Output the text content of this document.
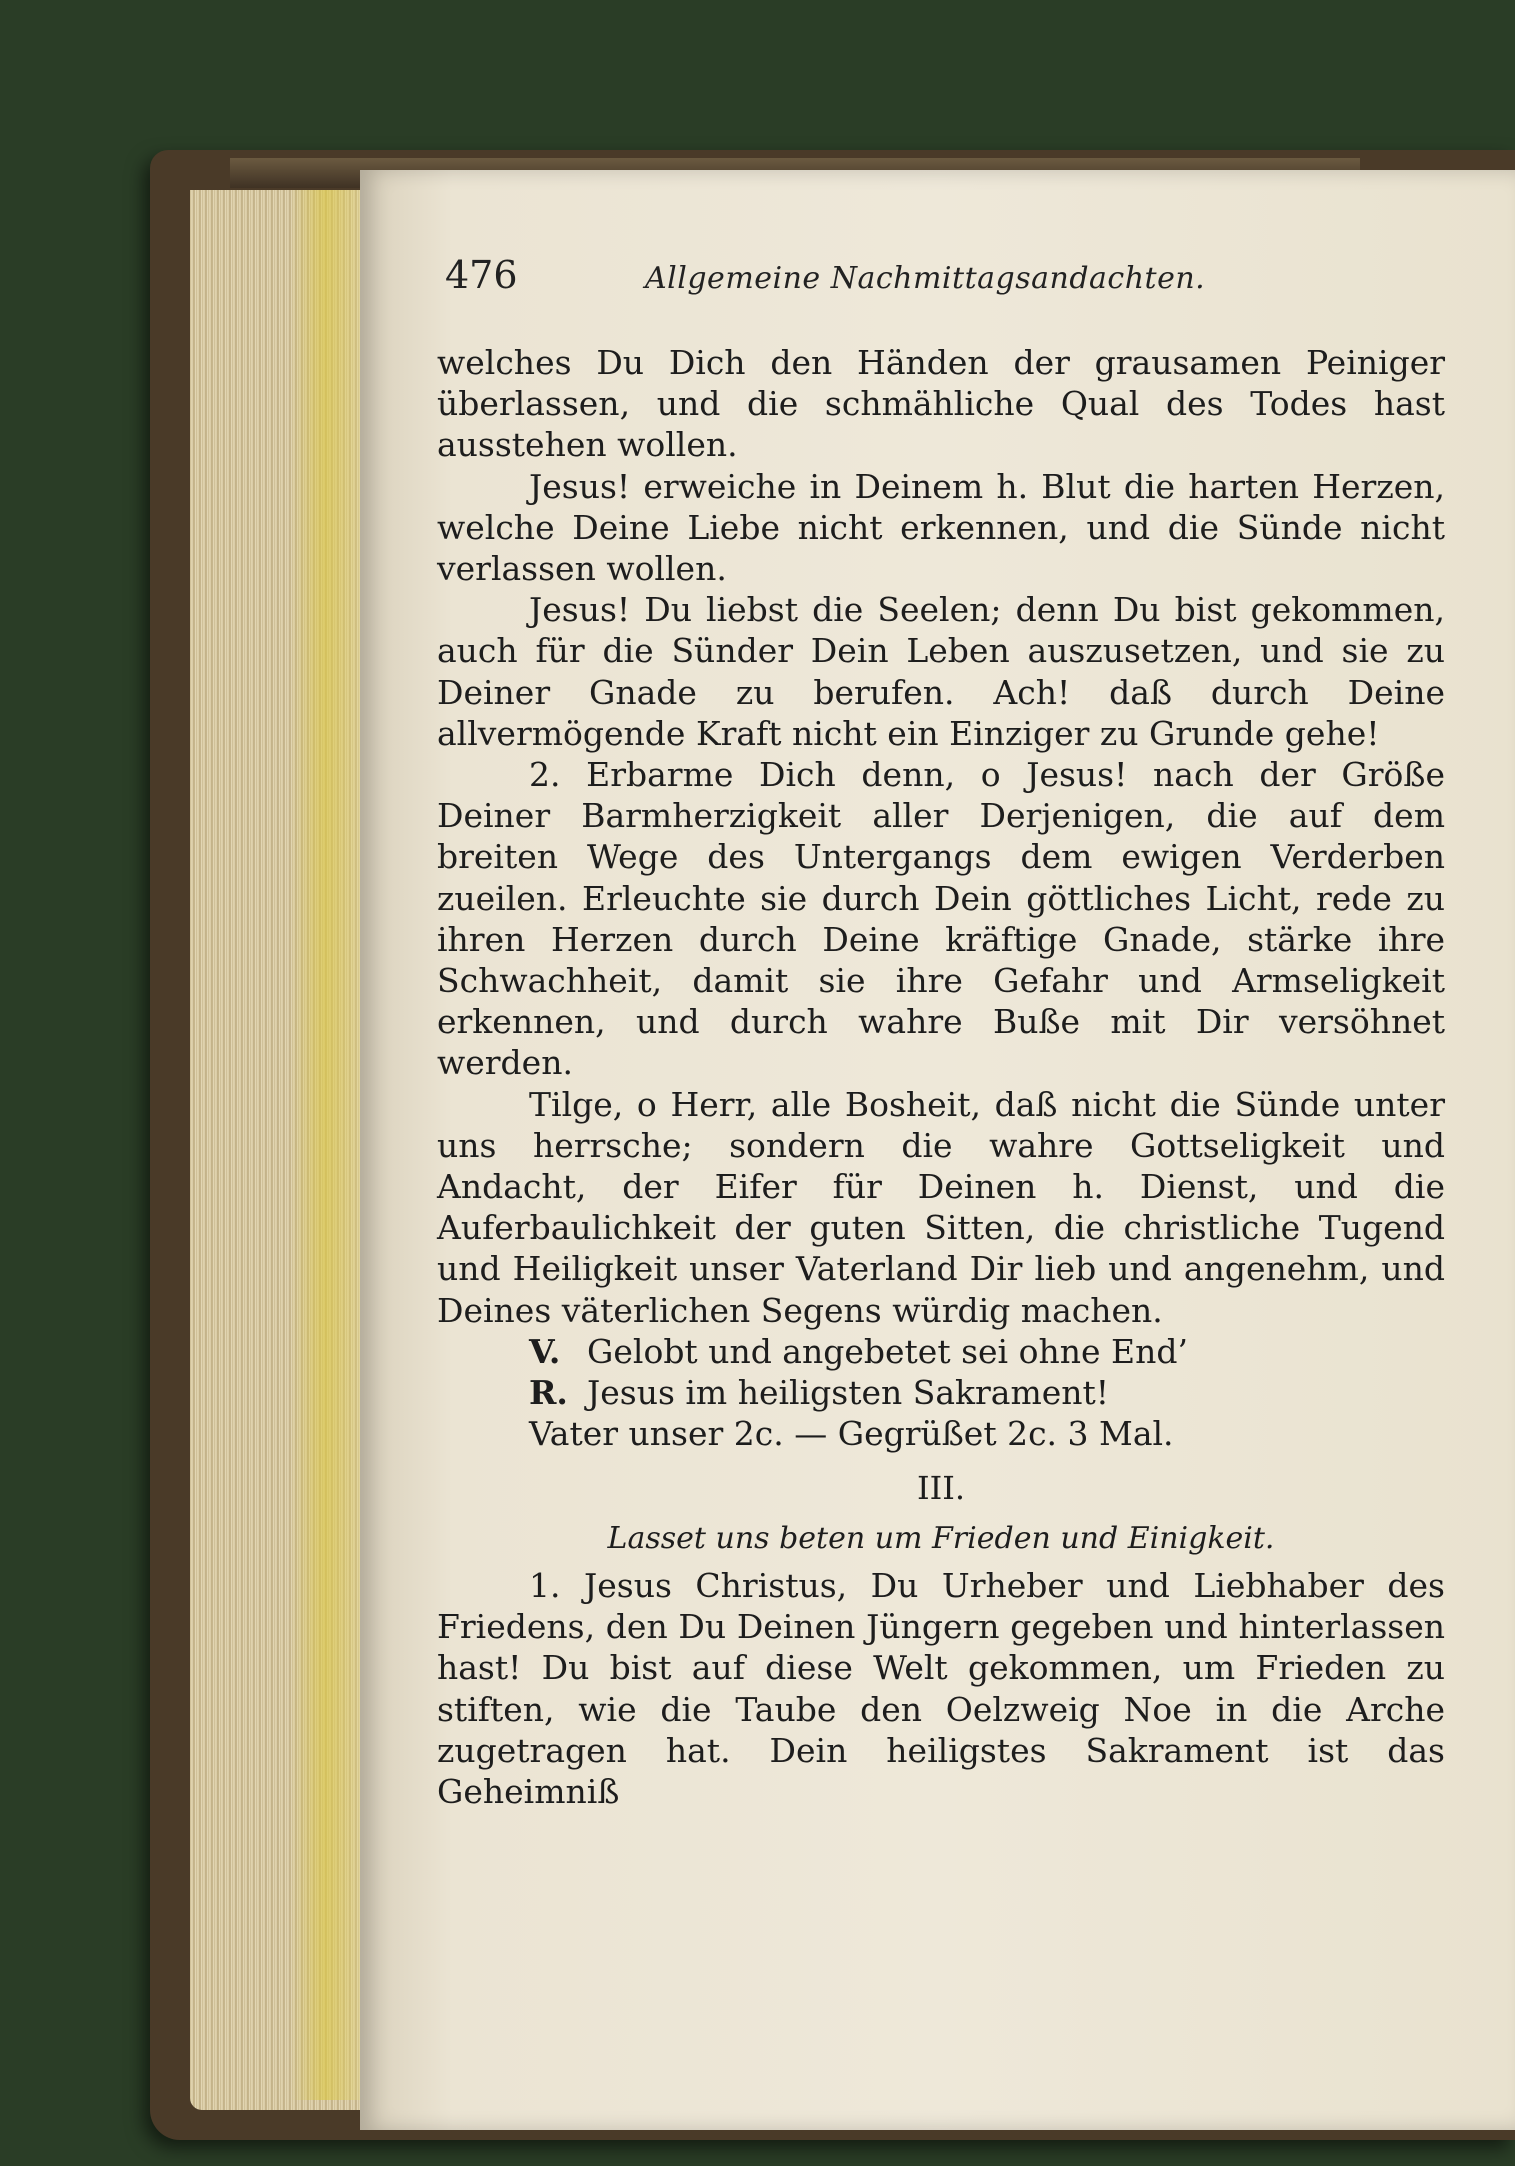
476	Allgemeine Nachmittagsandachten.

welches Du Dich den Händen der grausamen Peiniger überlassen, und die schmähliche Qual des Todes hast ausstehen wollen.

Jesus! erweiche in Deinem h. Blut die harten Herzen, welche Deine Liebe nicht erkennen, und die Sünde nicht verlassen wollen.

Jesus! Du liebst die Seelen; denn Du bist gekommen, auch für die Sünder Dein Leben auszusetzen, und sie zu Deiner Gnade zu berufen. Ach! daß durch Deine allvermögende Kraft nicht ein Einziger zu Grunde gehe!

2. Erbarme Dich denn, o Jesus! nach der Größe Deiner Barmherzigkeit aller Derjenigen, die auf dem breiten Wege des Untergangs dem ewigen Verderben zueilen. Erleuchte sie durch Dein göttliches Licht, rede zu ihren Herzen durch Deine kräftige Gnade, stärke ihre Schwachheit, damit sie ihre Gefahr und Armseligkeit erkennen, und durch wahre Buße mit Dir versöhnet werden.

Tilge, o Herr, alle Bosheit, daß nicht die Sünde unter uns herrsche; sondern die wahre Gottseligkeit und Andacht, der Eifer für Deinen h. Dienst, und die Auferbaulichkeit der guten Sitten, die christliche Tugend und Heiligkeit unser Vaterland Dir lieb und angenehm, und Deines väterlichen Segens würdig machen.

V. Gelobt und angebetet sei ohne End’

R. Jesus im heiligsten Sakrament!

Vater unser 2c. — Gegrüßet 2c. 3 Mal.

III.
Lasset uns beten um Frieden und Einigkeit.

1. Jesus Christus, Du Urheber und Liebhaber des Friedens, den Du Deinen Jüngern gegeben und hinterlassen hast! Du bist auf diese Welt gekommen, um Frieden zu stiften, wie die Taube den Oelzweig Noe in die Arche zugetragen hat. Dein heiligstes Sakrament ist das Geheimniß
